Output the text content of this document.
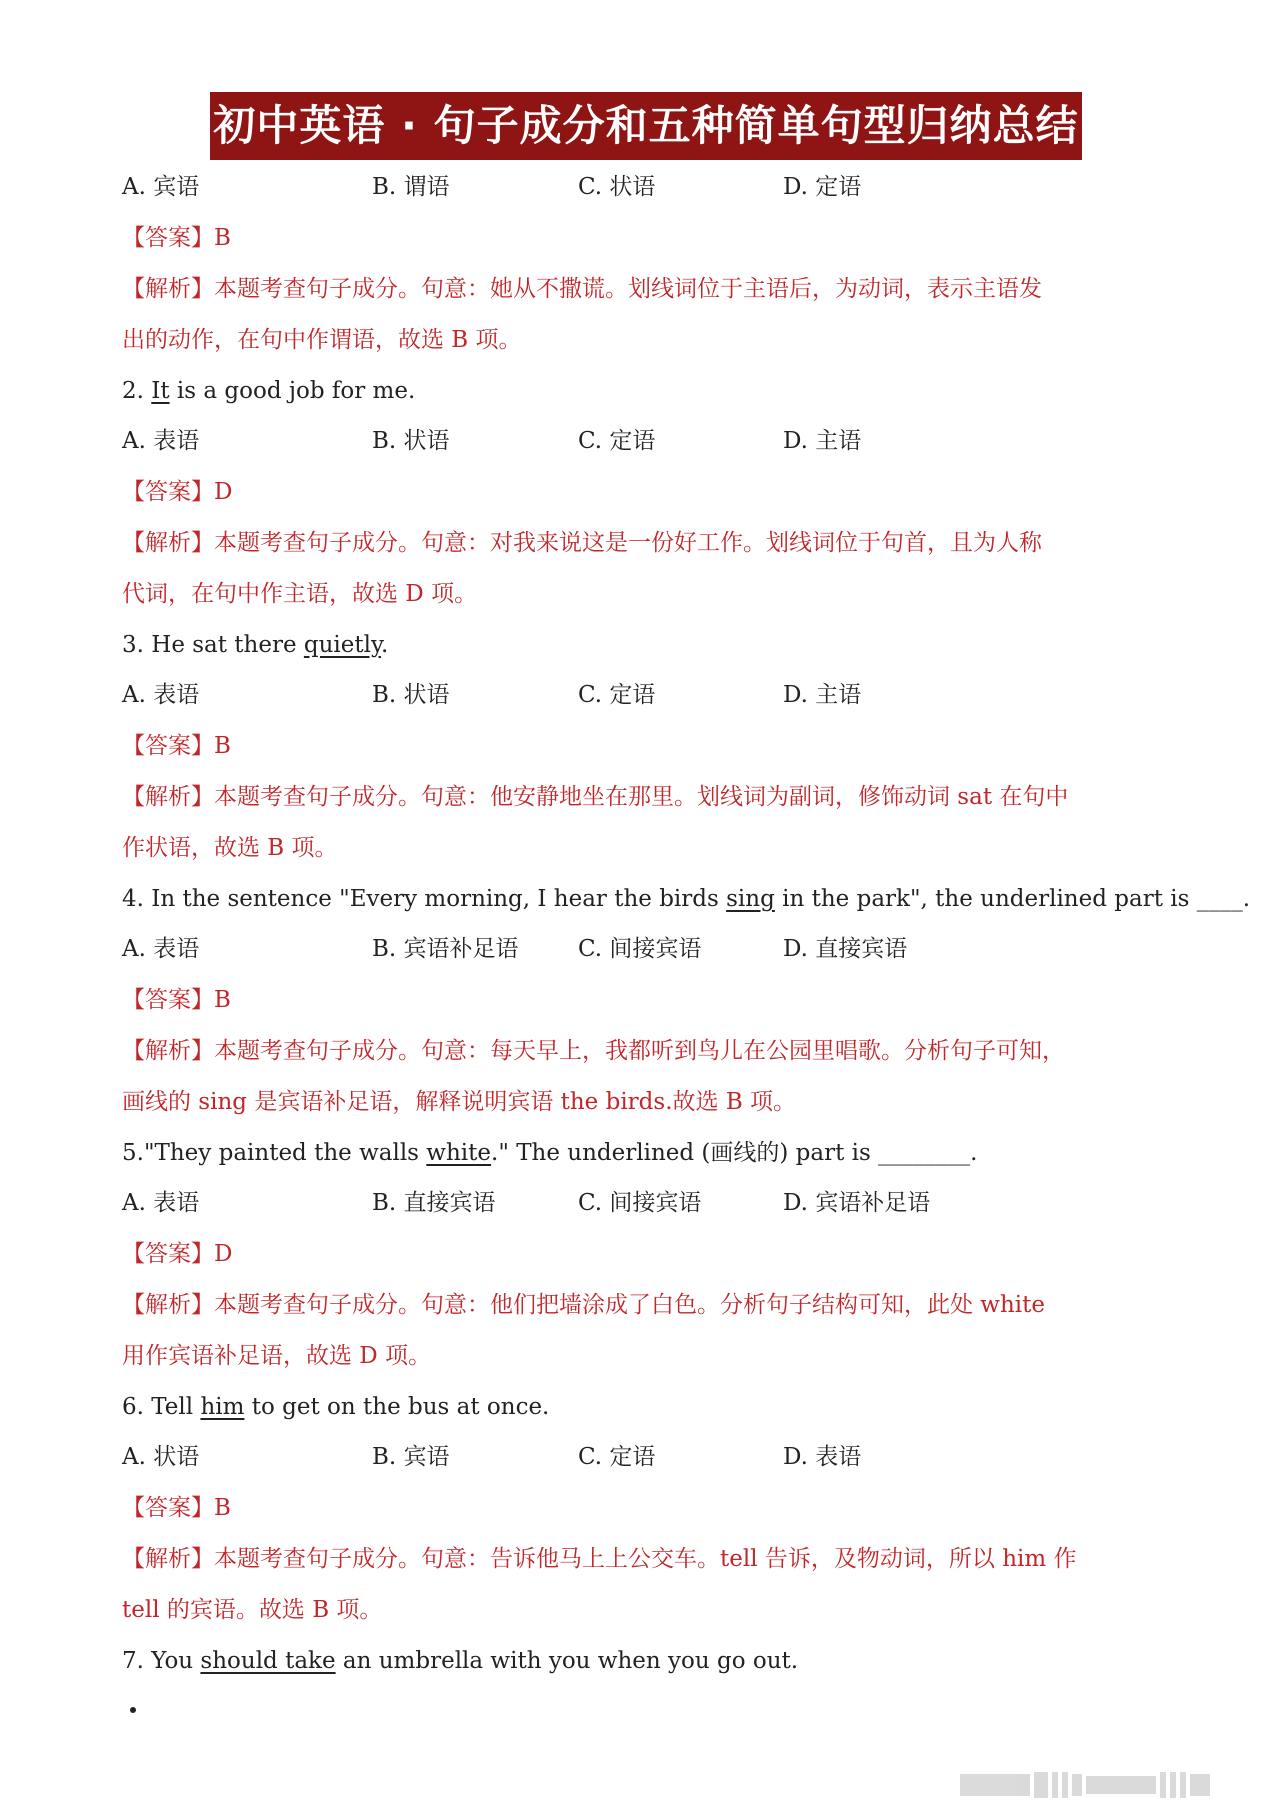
初中英语 · 句子成分和五种简单句型归纳总结
A. 宾语	B. 谓语	C. 状语	D. 定语
【答案】B
【解析】本题考查句子成分。句意：她从不撒谎。划线词位于主语后，为动词，表示主语发
出的动作，在句中作谓语，故选 B 项。
2. It is a good job for me.
A. 表语	B. 状语	C. 定语	D. 主语
【答案】D
【解析】本题考查句子成分。句意：对我来说这是一份好工作。划线词位于句首，且为人称
代词，在句中作主语，故选 D 项。
3. He sat there quietly.
A. 表语	B. 状语	C. 定语	D. 主语
【答案】B
【解析】本题考查句子成分。句意：他安静地坐在那里。划线词为副词，修饰动词 sat 在句中
作状语，故选 B 项。
4. In the sentence "Every morning, I hear the birds sing in the park", the underlined part is ____.
A. 表语	B. 宾语补足语	C. 间接宾语	D. 直接宾语
【答案】B
【解析】本题考查句子成分。句意：每天早上，我都听到鸟儿在公园里唱歌。分析句子可知，
画线的 sing 是宾语补足语，解释说明宾语 the birds.故选 B 项。
5."They painted the walls white." The underlined (画线的) part is ________.
A. 表语	B. 直接宾语	C. 间接宾语	D. 宾语补足语
【答案】D
【解析】本题考查句子成分。句意：他们把墙涂成了白色。分析句子结构可知，此处 white
用作宾语补足语，故选 D 项。
6. Tell him to get on the bus at once.
A. 状语	B. 宾语	C. 定语	D. 表语
【答案】B
【解析】本题考查句子成分。句意：告诉他马上上公交车。tell 告诉，及物动词，所以 him 作
tell 的宾语。故选 B 项。
7. You should take an umbrella with you when you go out.
